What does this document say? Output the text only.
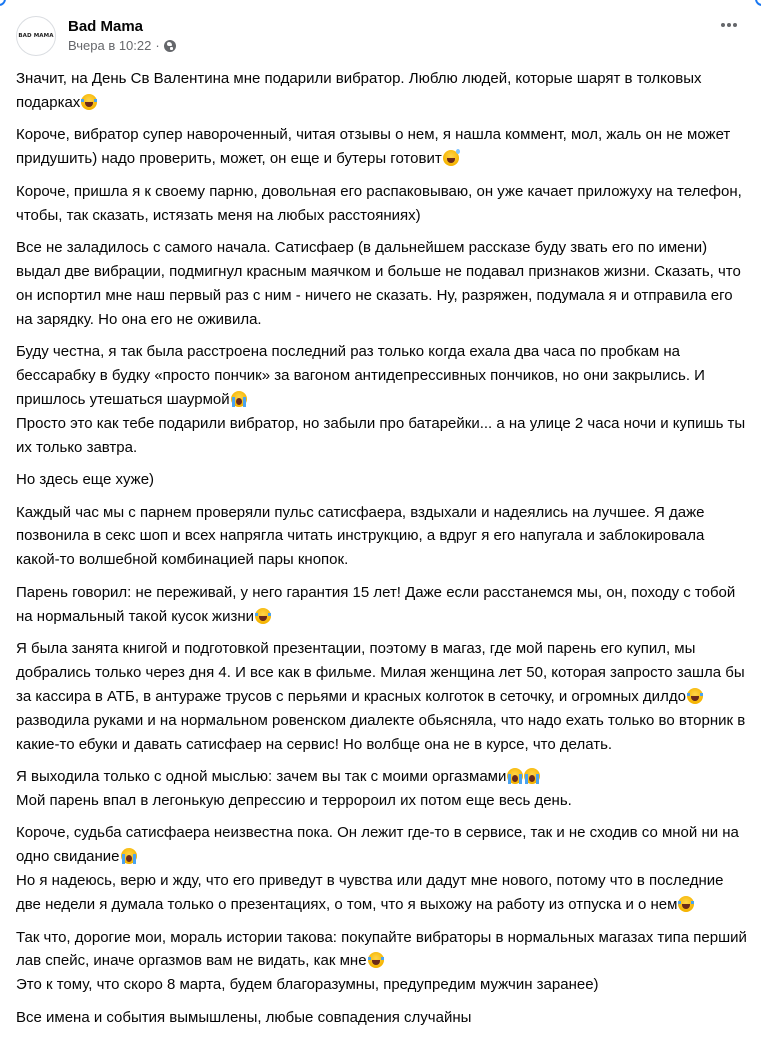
BAD MAMA
Bad Mama
Вчера в 10:22 ·

Значит, на День Св Валентина мне подарили вибратор. Люблю людей, которые шарят в толковых подарках

Короче, вибратор супер навороченный, читая отзывы о нем, я нашла коммент, мол, жаль он не может придушить) надо проверить, может, он еще и бутеры готовит

Короче, пришла я к своему парню, довольная его распаковываю, он уже качает приложуху на телефон, чтобы, так сказать, истязать меня на любых расстояниях)

Все не заладилось с самого начала. Сатисфаер (в дальнейшем рассказе буду звать его по имени) выдал две вибрации, подмигнул красным маячком и больше не подавал признаков жизни. Сказать, что он испортил мне наш первый раз с ним - ничего не сказать. Ну, разряжен, подумала я и отправила его на зарядку. Но она его не оживила.

Буду честна, я так была расстроена последний раз только когда ехала два часа по пробкам на бессарабку в будку «просто пончик» за вагоном антидепрессивных пончиков, но они закрылись. И пришлось утешаться шаурмой
Просто это как тебе подарили вибратор, но забыли про батарейки... а на улице 2 часа ночи и купишь ты их только завтра.

Но здесь еще хуже)

Каждый час мы с парнем проверяли пульс сатисфаера, вздыхали и надеялись на лучшее. Я даже позвонила в секс шоп и всех напрягла читать инструкцию, а вдруг я его напугала и заблокировала какой-то волшебной комбинацией пары кнопок.

Парень говорил: не переживай, у него гарантия 15 лет! Даже если расстанемся мы, он, походу с тобой на нормальный такой кусок жизни

Я была занята книгой и подготовкой презентации, поэтому в магаз, где мой парень его купил, мы добрались только через дня 4. И все как в фильме. Милая женщина лет 50, которая запросто зашла бы за кассира в АТБ, в антураже трусов с перьями и красных колготок в сеточку, и огромных дилдо разводила руками и на нормальном ровенском диалекте обьясняла, что надо ехать только во вторник в какие-то ебуки и давать сатисфаер на сервис! Но волбще она не в курсе, что делать.

Я выходила только с одной мыслью: зачем вы так с моими оргазмами
Мой парень впал в легонькую депрессию и терророил их потом еще весь день.

Короче, судьба сатисфаера неизвестна пока. Он лежит где-то в сервисе, так и не сходив со мной ни на одно свидание
Но я надеюсь, верю и жду, что его приведут в чувства или дадут мне нового, потому что в последние две недели я думала только о презентациях, о том, что я выхожу на работу из отпуска и о нем

Так что, дорогие мои, мораль истории такова: покупайте вибраторы в нормальных магазах типа перший лав спейс, иначе оргазмов вам не видать, как мне
Это к тому, что скоро 8 марта, будем благоразумны, предупредим мужчин заранее)

Все имена и события вымышлены, любые совпадения случайны
